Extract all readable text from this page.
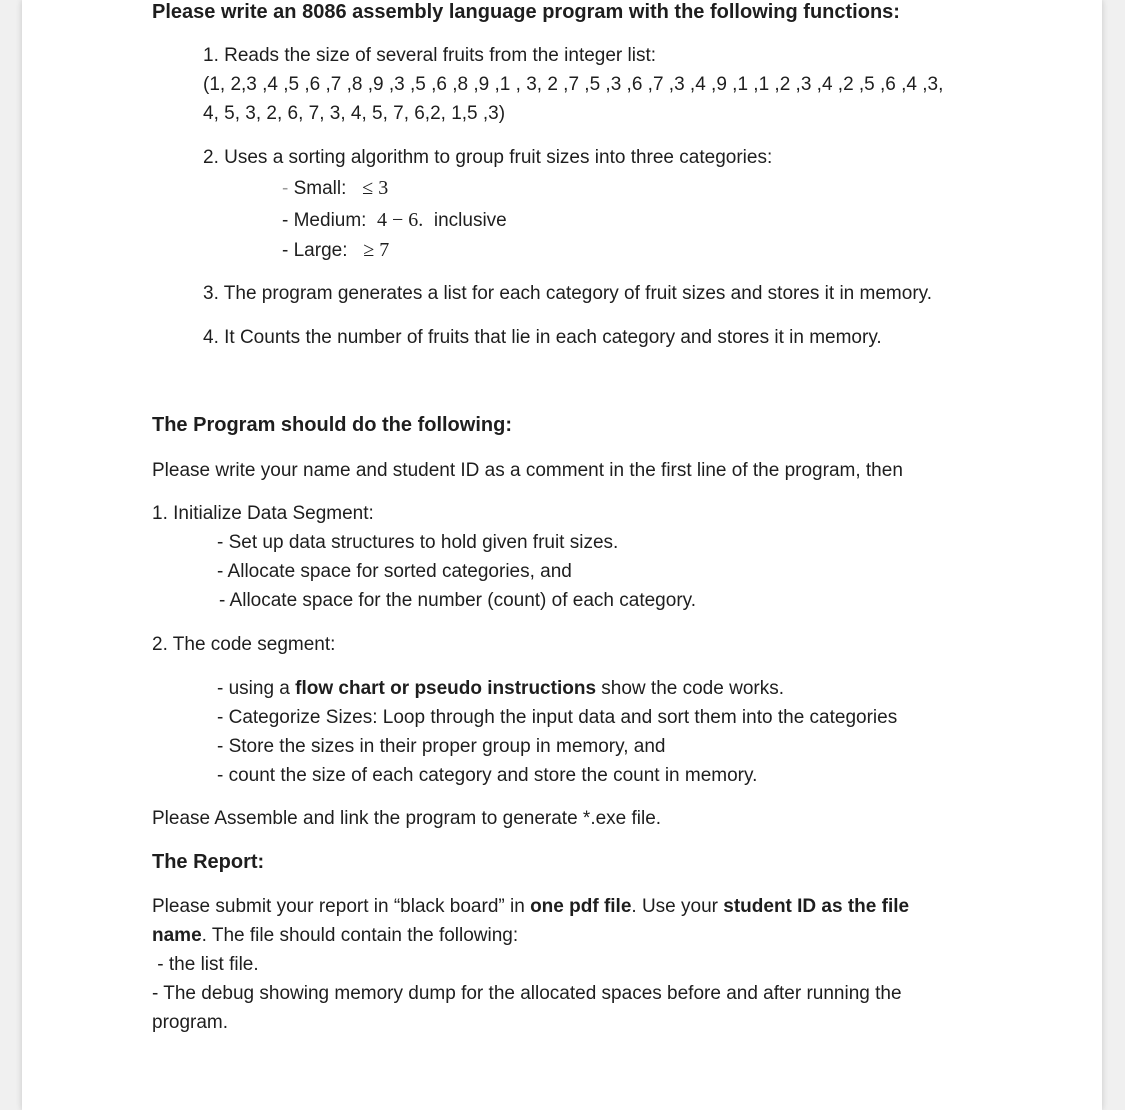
Please write an 8086 assembly language program with the following functions:
1. Reads the size of several fruits from the integer list:
(1, 2,3 ,4 ,5 ,6 ,7 ,8 ,9 ,3 ,5 ,6 ,8 ,9 ,1 , 3, 2 ,7 ,5 ,3 ,6 ,7 ,3 ,4 ,9 ,1 ,1 ,2 ,3 ,4 ,2 ,5 ,6 ,4 ,3,
4, 5, 3, 2, 6, 7, 3, 4, 5, 7, 6,2, 1,5 ,3)
2. Uses a sorting algorithm to group fruit sizes into three categories:
- Small: ≤ 3
- Medium: 4 − 6. inclusive
- Large: ≥ 7
3. The program generates a list for each category of fruit sizes and stores it in memory.
4. It Counts the number of fruits that lie in each category and stores it in memory.
The Program should do the following:
Please write your name and student ID as a comment in the first line of the program, then
1. Initialize Data Segment:
- Set up data structures to hold given fruit sizes.
- Allocate space for sorted categories, and
- Allocate space for the number (count) of each category.
2. The code segment:
- using a flow chart or pseudo instructions show the code works.
- Categorize Sizes: Loop through the input data and sort them into the categories
- Store the sizes in their proper group in memory, and
- count the size of each category and store the count in memory.
Please Assemble and link the program to generate *.exe file.
The Report:
Please submit your report in “black board” in one pdf file. Use your student ID as the file
name. The file should contain the following:
- the list file.
- The debug showing memory dump for the allocated spaces before and after running the
program.
